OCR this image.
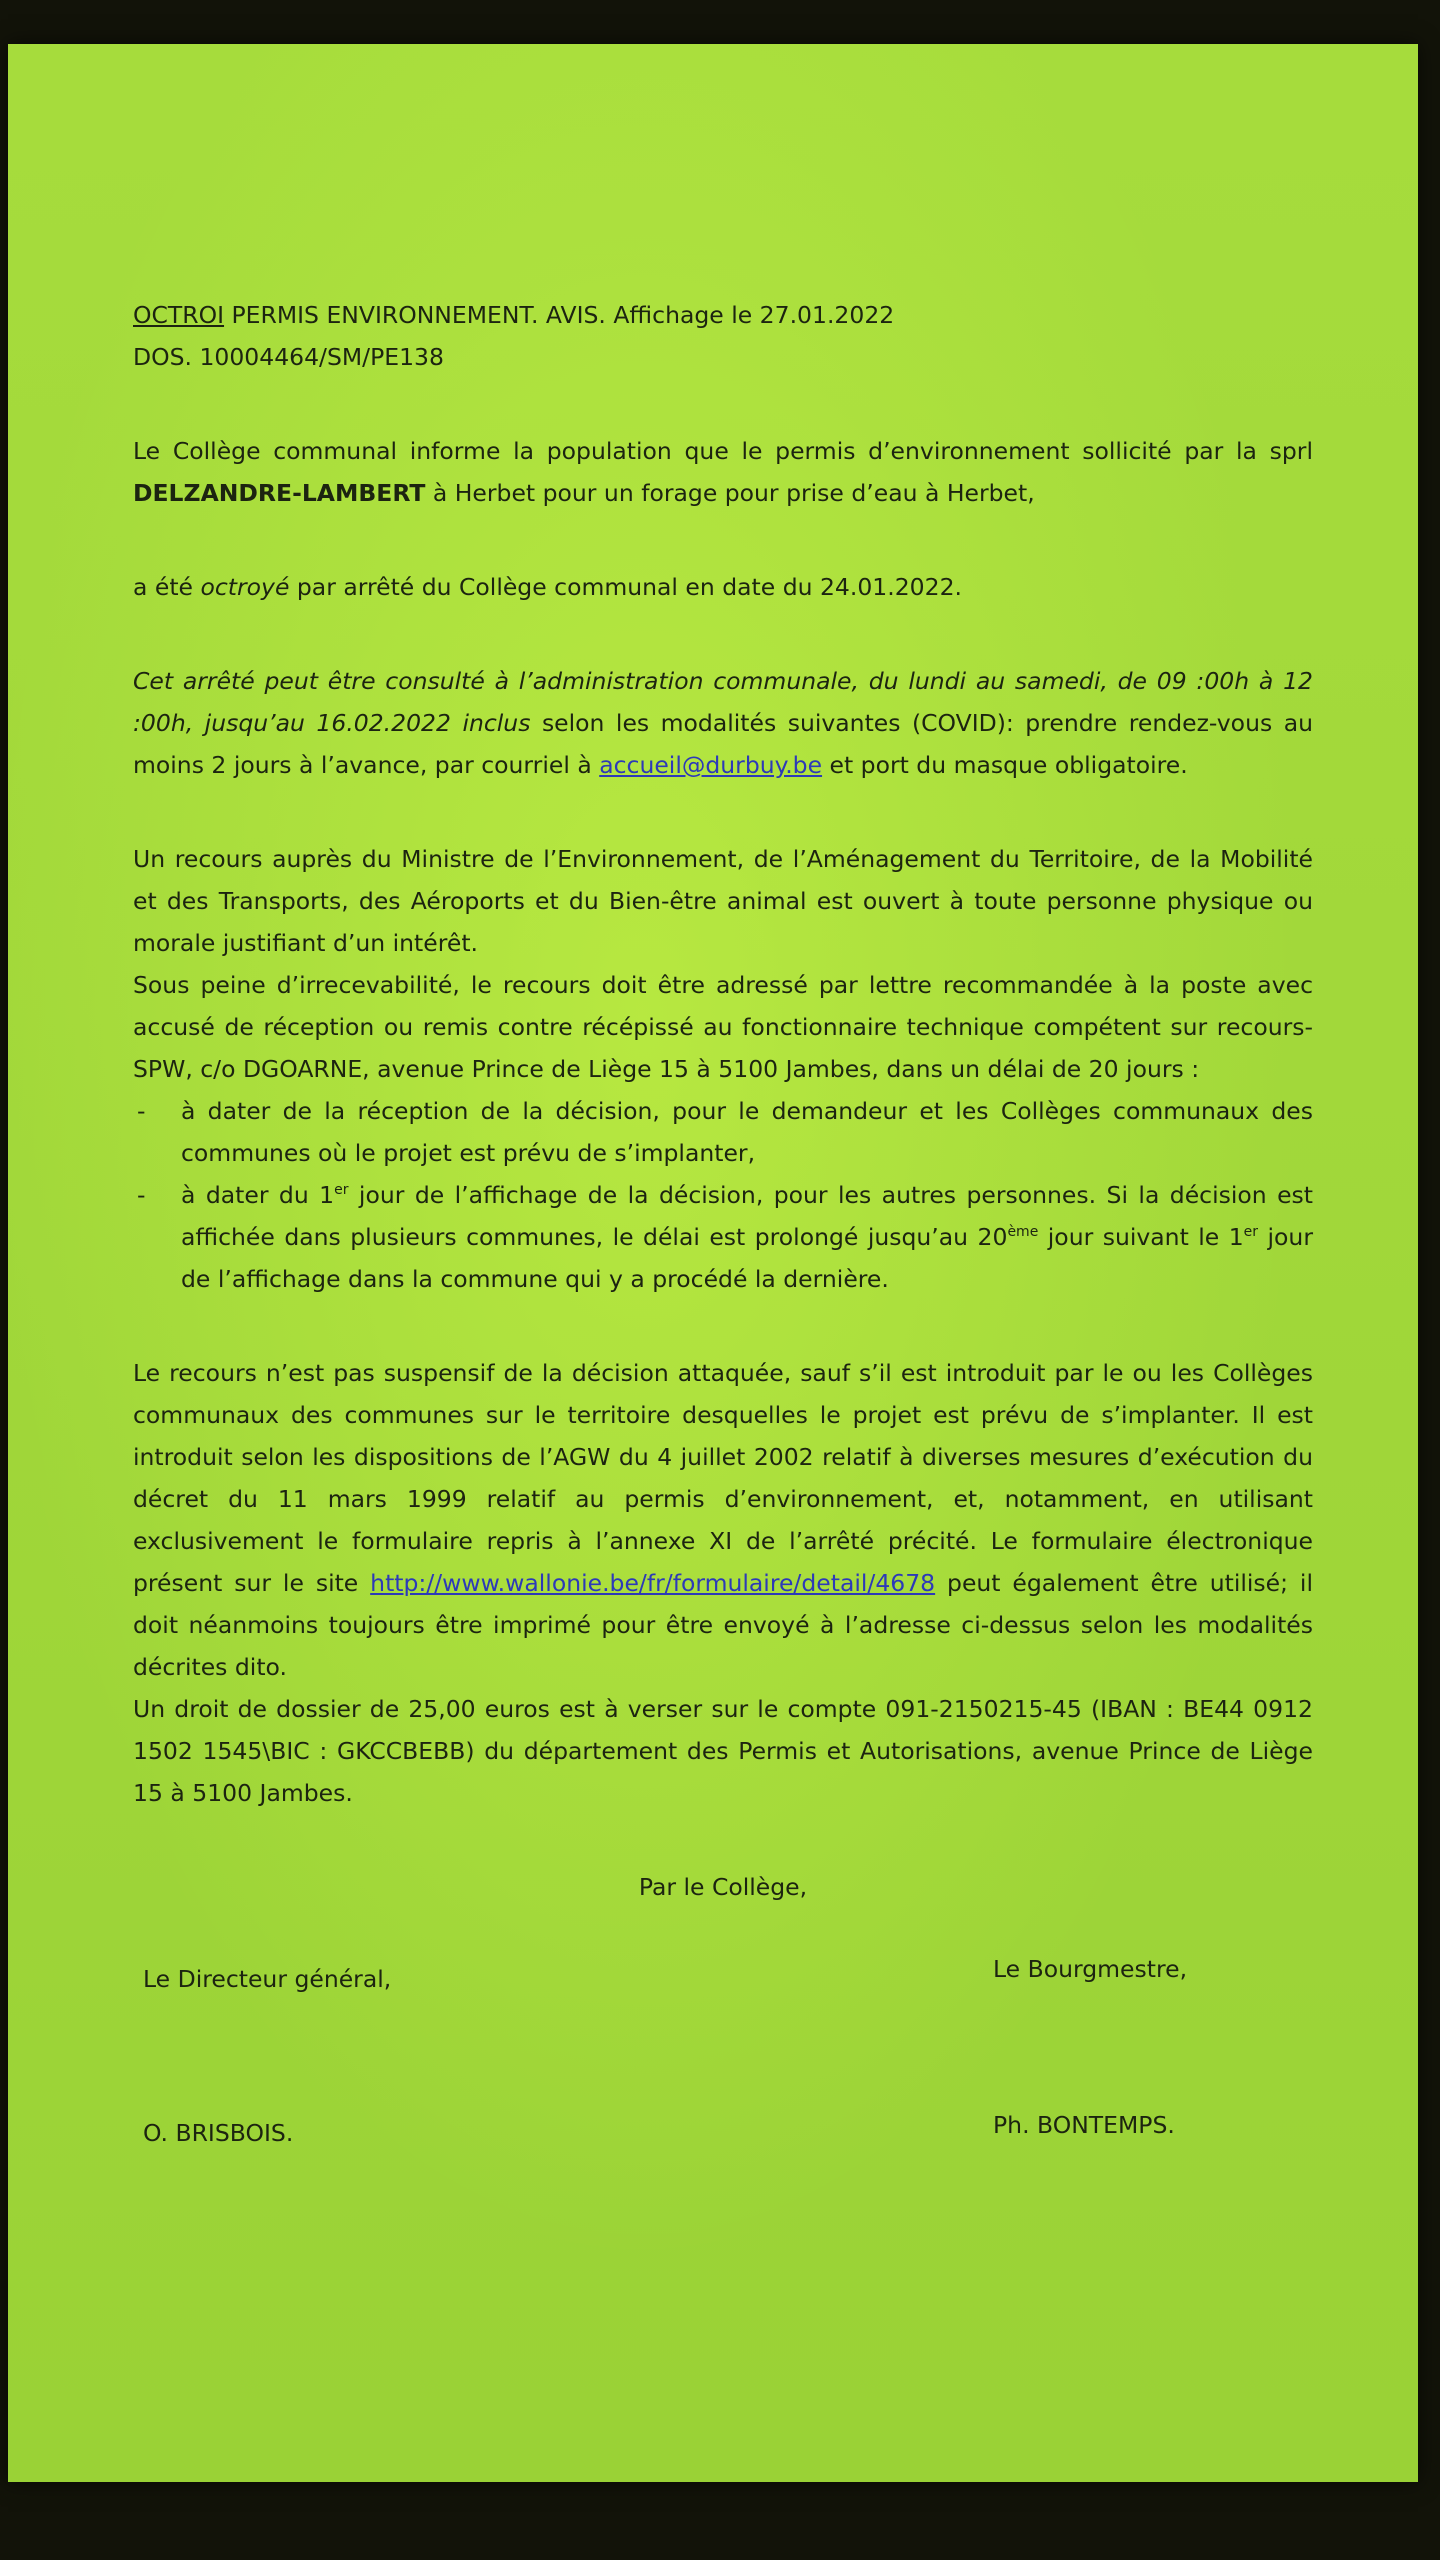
OCTROI PERMIS ENVIRONNEMENT. AVIS. Affichage le 27.01.2022

DOS. 10004464/SM/PE138

Le Collège communal informe la population que le permis d’environnement sollicité par la sprl DELZANDRE-LAMBERT à Herbet pour un forage pour prise d’eau à Herbet,

a été octroyé par arrêté du Collège communal en date du 24.01.2022.

Cet arrêté peut être consulté à l’administration communale, du lundi au samedi, de 09 :00h à 12 :00h, jusqu’au 16.02.2022 inclus selon les modalités suivantes (COVID): prendre rendez-vous au moins 2 jours à l’avance, par courriel à accueil@durbuy.be et port du masque obligatoire.

Un recours auprès du Ministre de l’Environnement, de l’Aménagement du Territoire, de la Mobilité et des Transports, des Aéroports et du Bien-être animal est ouvert à toute personne physique ou morale justifiant d’un intérêt.

Sous peine d’irrecevabilité, le recours doit être adressé par lettre recommandée à la poste avec accusé de réception ou remis contre récépissé au fonctionnaire technique compétent sur recours-SPW, c/o DGOARNE, avenue Prince de Liège 15 à 5100 Jambes, dans un délai de 20 jours :

- à dater de la réception de la décision, pour le demandeur et les Collèges communaux des communes où le projet est prévu de s’implanter,
- à dater du 1er jour de l’affichage de la décision, pour les autres personnes. Si la décision est affichée dans plusieurs communes, le délai est prolongé jusqu’au 20ème jour suivant le 1er jour de l’affichage dans la commune qui y a procédé la dernière.

Le recours n’est pas suspensif de la décision attaquée, sauf s’il est introduit par le ou les Collèges communaux des communes sur le territoire desquelles le projet est prévu de s’implanter. Il est introduit selon les dispositions de l’AGW du 4 juillet 2002 relatif à diverses mesures d’exécution du décret du 11 mars 1999 relatif au permis d’environnement, et, notamment, en utilisant exclusivement le formulaire repris à l’annexe XI de l’arrêté précité. Le formulaire électronique présent sur le site http://www.wallonie.be/fr/formulaire/detail/4678 peut également être utilisé; il doit néanmoins toujours être imprimé pour être envoyé à l’adresse ci-dessus selon les modalités décrites dito.

Un droit de dossier de 25,00 euros est à verser sur le compte 091-2150215-45 (IBAN : BE44 0912 1502 1545\BIC : GKCCBEBB) du département des Permis et Autorisations, avenue Prince de Liège 15 à 5100 Jambes.

Par le Collège,

Le Directeur général,	Le Bourgmestre,
O. BRISBOIS.	Ph. BONTEMPS.
